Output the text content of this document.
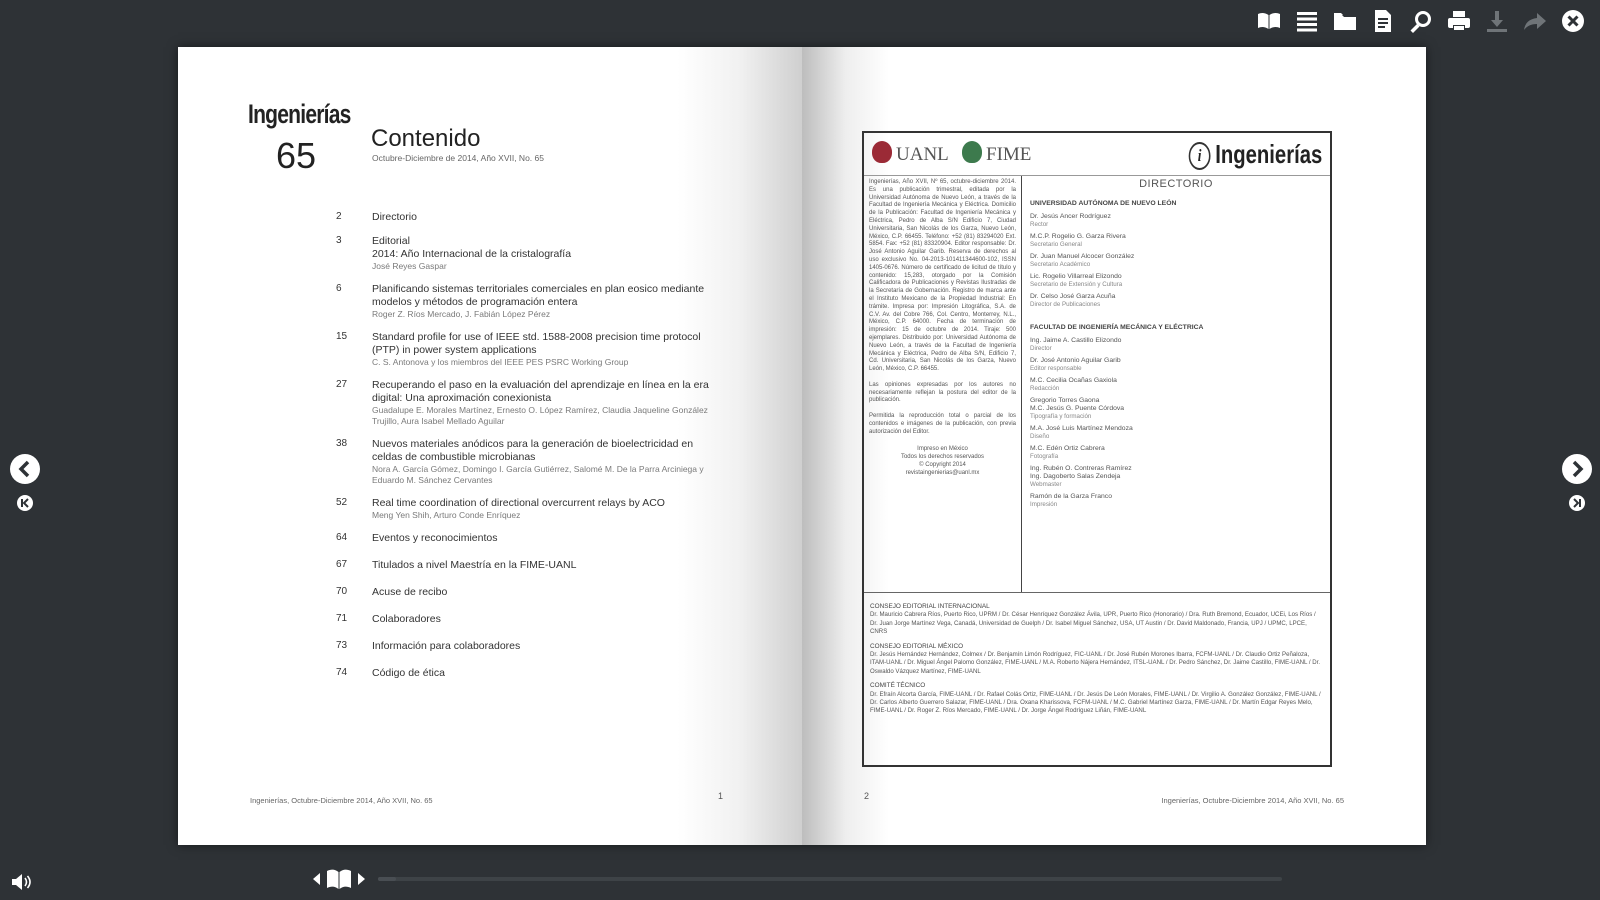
Ingenierías
65 Contenido
Octubre-Diciembre de 2014, Año XVII, No. 65
2	Directorio
3	Editorial
2014: Año Internacional de la cristalografía
José Reyes Gaspar
6	Planificando sistemas territoriales comerciales en plan eosico mediante modelos y métodos de programación entera
Roger Z. Ríos Mercado, J. Fabián López Pérez
15	Standard profile for use of IEEE std. 1588-2008 precision time protocol (PTP) in power system applications
C. S. Antonova y los miembros del IEEE PES PSRC Working Group
27	Recuperando el paso en la evaluación del aprendizaje en línea en la era digital: Una aproximación conexionista
Guadalupe E. Morales Martínez, Ernesto O. López Ramírez, Claudia Jaqueline González Trujillo, Aura Isabel Mellado Aguilar
38	Nuevos materiales anódicos para la generación de bioelectricidad en celdas de combustible microbianas
Nora A. García Gómez, Domingo I. García Gutiérrez, Salomé M. De la Parra Arciniega y Eduardo M. Sánchez Cervantes
52	Real time coordination of directional overcurrent relays by ACO
Meng Yen Shih, Arturo Conde Enríquez
64	Eventos y reconocimientos
67	Titulados a nivel Maestría en la FIME-UANL
70	Acuse de recibo
71	Colaboradores
73	Información para colaboradores
74	Código de ética
Ingenierías, Octubre-Diciembre 2014, Año XVII, No. 65	1
UANL	FIME	i Ingenierías
Ingenierías, Año XVII, Nº 65, octubre-diciembre 2014. Es una publicación trimestral, editada por la Universidad Autónoma de Nuevo León, a través de la Facultad de Ingeniería Mecánica y Eléctrica. Domicilio de la Publicación: Facultad de Ingeniería Mecánica y Eléctrica, Pedro de Alba S/N Edificio 7, Ciudad Universitaria, San Nicolás de los Garza, Nuevo León, México, C.P. 66455. Teléfono: +52 (81) 83294020 Ext. 5854. Fax: +52 (81) 83320904. Editor responsable: Dr. José Antonio Aguilar Garib. Reserva de derechos al uso exclusivo No. 04-2013-101411344600-102, ISSN 1405-0676. Número de certificado de licitud de título y contenido: 15,283, otorgado por la Comisión Calificadora de Publicaciones y Revistas Ilustradas de la Secretaría de Gobernación. Registro de marca ante el Instituto Mexicano de la Propiedad Industrial: En trámite. Impresa por: Impresión Litográfica, S.A. de C.V. Av. del Cobre 766, Col. Centro, Monterrey, N.L., México, C.P. 64000. Fecha de terminación de impresión: 15 de octubre de 2014. Tiraje: 500 ejemplares. Distribuido por: Universidad Autónoma de Nuevo León, a través de la Facultad de Ingeniería Mecánica y Eléctrica, Pedro de Alba S/N, Edificio 7, Cd. Universitaria, San Nicolás de los Garza, Nuevo León, México, C.P. 66455.

Las opiniones expresadas por los autores no necesariamente reflejan la postura del editor de la publicación.

Permitida la reproducción total o parcial de los contenidos e imágenes de la publicación, con previa autorización del Editor.
Impreso en México
Todos los derechos reservados
© Copyright 2014
revistaingenierias@uanl.mx
DIRECTORIO
UNIVERSIDAD AUTÓNOMA DE NUEVO LEÓN
Dr. Jesús Ancer Rodríguez
Rector
M.C.P. Rogelio G. Garza Rivera
Secretario General
Dr. Juan Manuel Alcocer González
Secretario Académico
Lic. Rogelio Villarreal Elizondo
Secretario de Extensión y Cultura
Dr. Celso José Garza Acuña
Director de Publicaciones
FACULTAD DE INGENIERÍA MECÁNICA Y ELÉCTRICA
Ing. Jaime A. Castillo Elizondo
Director
Dr. José Antonio Aguilar Garib
Editor responsable
M.C. Cecilia Ocañas Gaxiola
Redacción
Gregorio Torres Gaona
M.C. Jesús G. Puente Córdova
Tipografía y formación
M.A. José Luis Martínez Mendoza
Diseño
M.C. Edén Ortiz Cabrera
Fotografía
Ing. Rubén O. Contreras Ramírez
Ing. Dagoberto Salas Zendeja
Webmaster
Ramón de la Garza Franco
Impresión
CONSEJO EDITORIAL INTERNACIONAL
Dr. Mauricio Cabrera Ríos, Puerto Rico, UPRM / Dr. César Henríquez González Ávila, UPR, Puerto Rico (Honorario) / Dra. Ruth Bremond, Ecuador, UCEi, Los Ríos / Dr. Juan Jorge Martínez Vega, Canadá, Universidad de Guelph / Dr. Isabel Miguel Sánchez, USA, UT Austin / Dr. David Maldonado, Francia, UPJ / UPMC, LPCE, CNRS
CONSEJO EDITORIAL MÉXICO
Dr. Jesús Hernández Hernández, Colmex / Dr. Benjamín Limón Rodríguez, FIC-UANL / Dr. José Rubén Morones Ibarra, FCFM-UANL / Dr. Claudio Ortiz Peñaloza, ITAM-UANL / Dr. Miguel Ángel Palomo González, FIME-UANL / M.A. Roberto Nájera Hernández, ITSL-UANL / Dr. Pedro Sánchez, Dr. Jaime Castillo, FIME-UANL / Dr. Oswaldo Vázquez Martínez, FIME-UANL
COMITÉ TÉCNICO
Dr. Efraín Alcorta García, FIME-UANL / Dr. Rafael Colás Ortiz, FIME-UANL / Dr. Jesús De León Morales, FIME-UANL / Dr. Virgilio A. González González, FIME-UANL / Dr. Carlos Alberto Guerrero Salazar, FIME-UANL / Dra. Oxana Kharissova, FCFM-UANL / M.C. Gabriel Martínez Garza, FIME-UANL / Dr. Martín Edgar Reyes Melo, FIME-UANL / Dr. Roger Z. Ríos Mercado, FIME-UANL / Dr. Jorge Ángel Rodríguez Liñán, FIME-UANL
2	Ingenierías, Octubre-Diciembre 2014, Año XVII, No. 65
